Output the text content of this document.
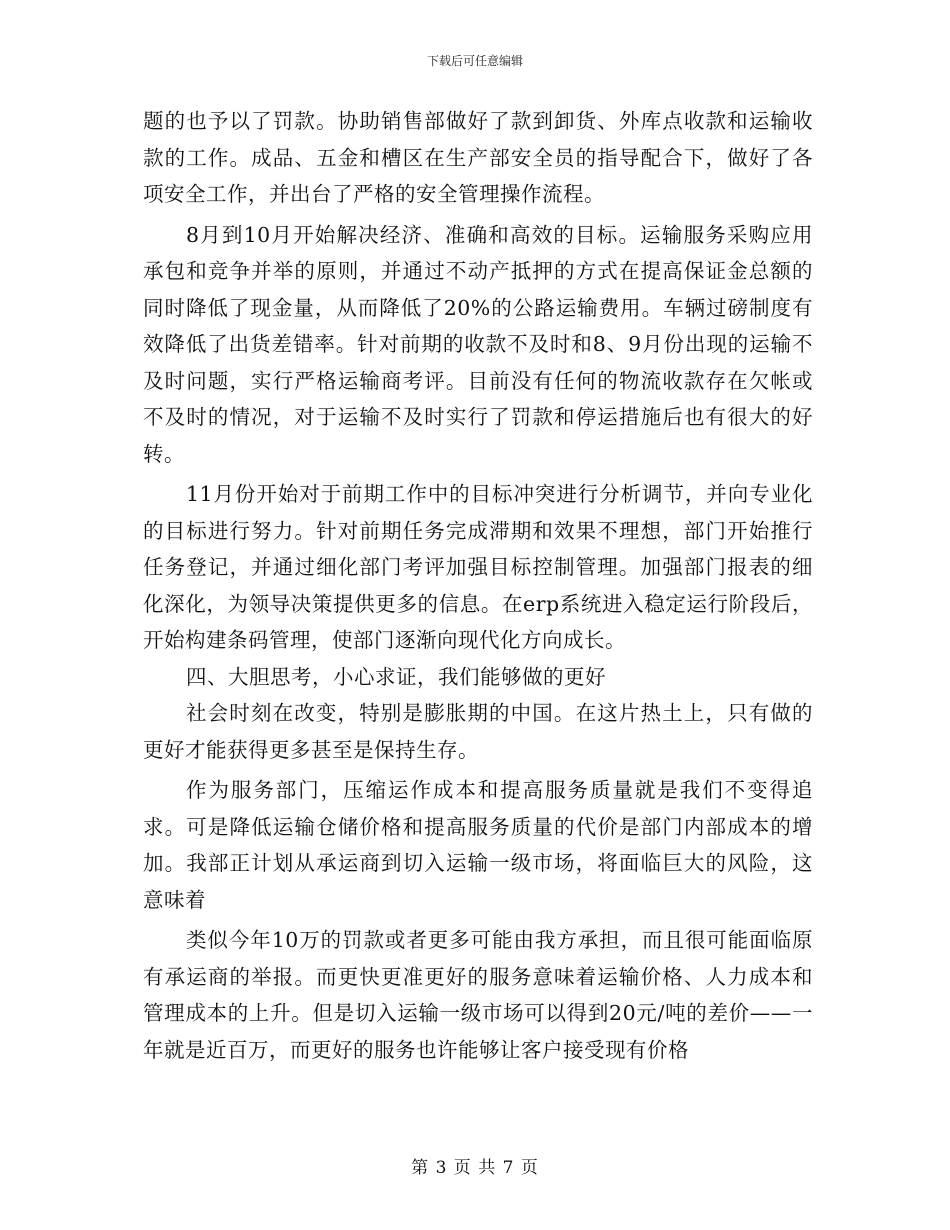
下载后可任意编辑

题的也予以了罚款。协助销售部做好了款到卸货、外库点收款和运输收款的工作。成品、五金和槽区在生产部安全员的指导配合下，做好了各项安全工作，并出台了严格的安全管理操作流程。

8月到10月开始解决经济、准确和高效的目标。运输服务采购应用承包和竞争并举的原则，并通过不动产抵押的方式在提高保证金总额的同时降低了现金量，从而降低了20%的公路运输费用。车辆过磅制度有效降低了出货差错率。针对前期的收款不及时和8、9月份出现的运输不及时问题，实行严格运输商考评。目前没有任何的物流收款存在欠帐或不及时的情况，对于运输不及时实行了罚款和停运措施后也有很大的好转。

11月份开始对于前期工作中的目标冲突进行分析调节，并向专业化的目标进行努力。针对前期任务完成滞期和效果不理想，部门开始推行任务登记，并通过细化部门考评加强目标控制管理。加强部门报表的细化深化，为领导决策提供更多的信息。在erp系统进入稳定运行阶段后，开始构建条码管理，使部门逐渐向现代化方向成长。

四、大胆思考，小心求证，我们能够做的更好

社会时刻在改变，特别是膨胀期的中国。在这片热土上，只有做的更好才能获得更多甚至是保持生存。

作为服务部门，压缩运作成本和提高服务质量就是我们不变得追求。可是降低运输仓储价格和提高服务质量的代价是部门内部成本的增加。我部正计划从承运商到切入运输一级市场，将面临巨大的风险，这意味着

类似今年10万的罚款或者更多可能由我方承担，而且很可能面临原有承运商的举报。而更快更准更好的服务意味着运输价格、人力成本和管理成本的上升。但是切入运输一级市场可以得到20元/吨的差价——一年就是近百万，而更好的服务也许能够让客户接受现有价格

第 3 页 共 7 页
